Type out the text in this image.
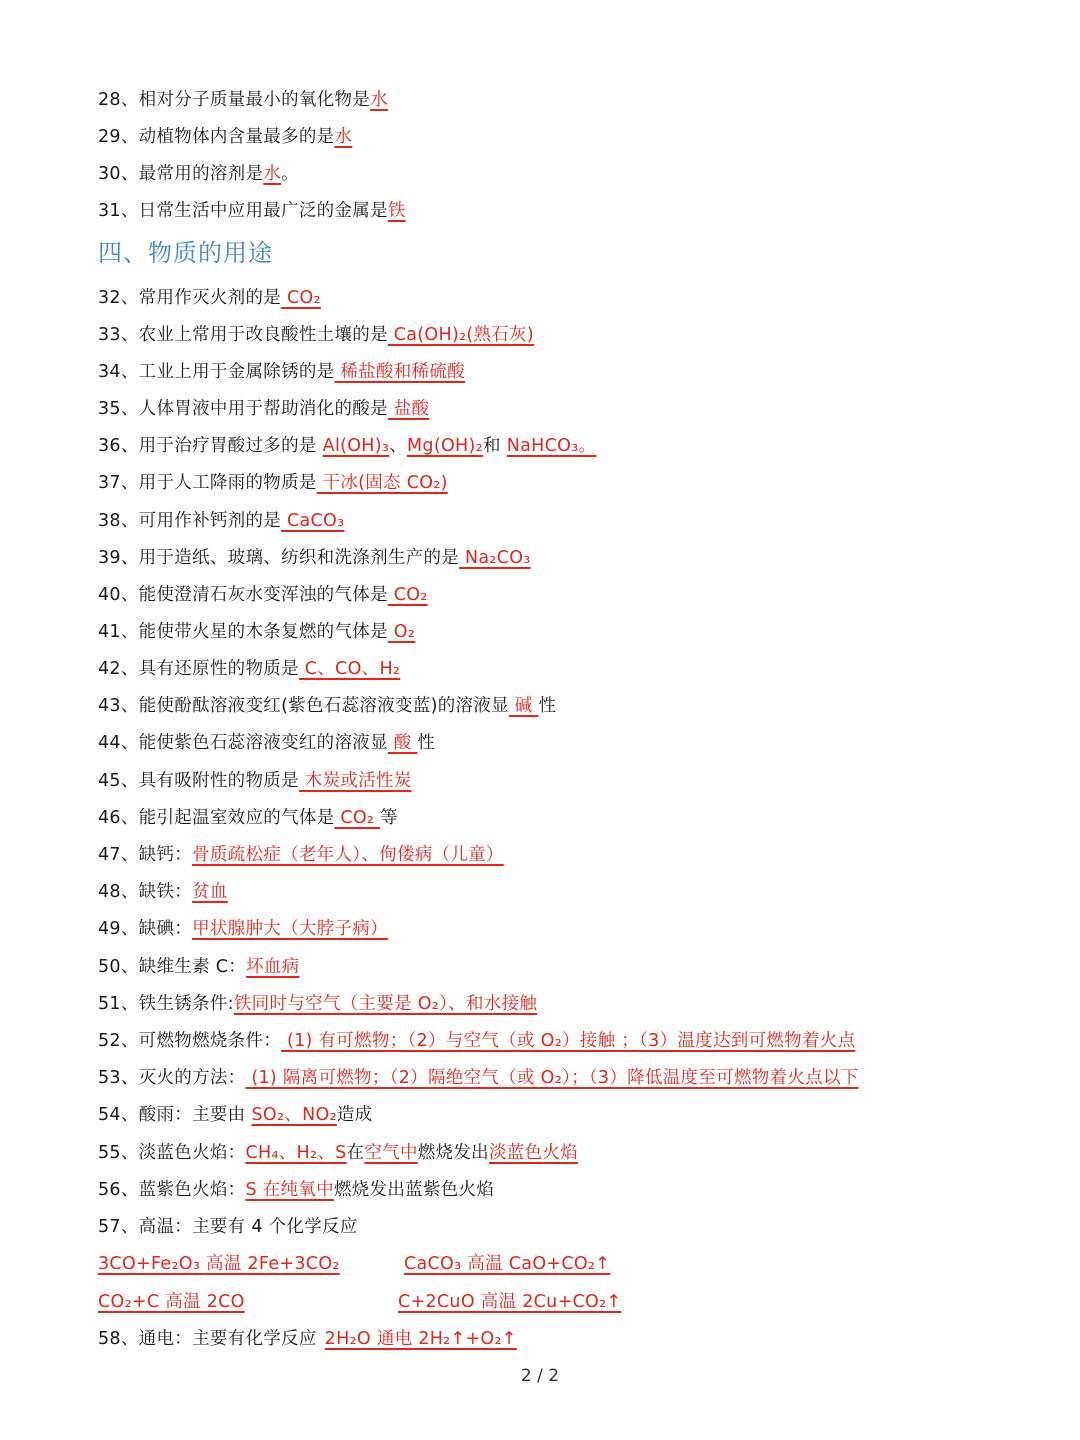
28、相对分子质量最小的氧化物是水
29、动植物体内含量最多的是水
30、最常用的溶剂是水。
31、日常生活中应用最广泛的金属是铁
四、物质的用途
32、常用作灭火剂的是 CO₂
33、农业上常用于改良酸性土壤的是 Ca(OH)₂(熟石灰)
34、工业上用于金属除锈的是 稀盐酸和稀硫酸
35、人体胃液中用于帮助消化的酸是 盐酸
36、用于治疗胃酸过多的是 Al(OH)₃、Mg(OH)₂和 NaHCO₃。
37、用于人工降雨的物质是 干冰(固态 CO₂)
38、可用作补钙剂的是 CaCO₃
39、用于造纸、玻璃、纺织和洗涤剂生产的是 Na₂CO₃
40、能使澄清石灰水变浑浊的气体是 CO₂
41、能使带火星的木条复燃的气体是 O₂
42、具有还原性的物质是 C、CO、H₂
43、能使酚酞溶液变红(紫色石蕊溶液变蓝)的溶液显 碱 性
44、能使紫色石蕊溶液变红的溶液显 酸 性
45、具有吸附性的物质是 木炭或活性炭
46、能引起温室效应的气体是 CO₂ 等
47、缺钙：骨质疏松症（老年人）、佝偻病（儿童）
48、缺铁：贫血
49、缺碘：甲状腺肿大（大脖子病）
50、缺维生素 C：坏血病
51、铁生锈条件:铁同时与空气（主要是 O₂）、和水接触
52、可燃物燃烧条件： (1) 有可燃物；（2）与空气（或 O₂）接触 ；（3）温度达到可燃物着火点
53、灭火的方法： (1) 隔离可燃物；（2）隔绝空气（或 O₂）；（3）降低温度至可燃物着火点以下
54、酸雨：主要由 SO₂、NO₂造成
55、淡蓝色火焰：CH₄、H₂、S在空气中燃烧发出淡蓝色火焰
56、蓝紫色火焰：S 在纯氧中燃烧发出蓝紫色火焰
57、高温：主要有 4 个化学反应
3CO+Fe₂O₃ 高温 2Fe+3CO₂	CaCO₃ 高温 CaO+CO₂↑
CO₂+C 高温 2CO	C+2CuO 高温 2Cu+CO₂↑
58、通电：主要有化学反应 2H₂O 通电 2H₂↑+O₂↑
2 / 2
